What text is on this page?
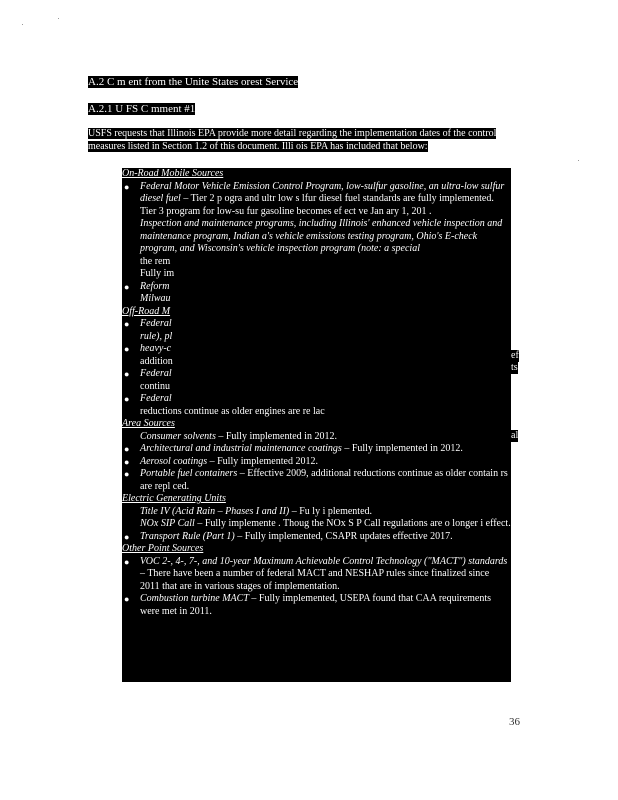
A.2 C m ent from the Unite States orest Service
A.2.1 U FS C mment #1
USFS requests that Illinois EPA provide more detail regarding the implementation dates of the control measures listed in Section 1.2 of this document. Illi ois EPA has included that below:
On-Road Mobile Sources
● Federal Motor Vehicle Emission Control Program, low-sulfur gasoline, an ultra-low sulfur diesel fuel – Tier 2 p ogra and ultr low s lfur diesel fuel standards are fully implemented. Tier 3 program for low-su fur gasoline becomes ef ect ve Jan ary 1, 201 .
Inspection and maintenance programs, including Illinois' enhanced vehicle inspection and maintenance program, Indian a's vehicle emissions testing program, Ohio's E-check program, and Wisconsin's vehicle inspection program (note: a special
the rem
Fully im
● Reform
Milwau
Off-Road M
● Federal
rule), pl
● heavy-c
addition
● Federal
continu
● Federal
reductions continue as older engines are re lac
Area Sources
Consumer solvents – Fully implemented in 2012.
● Architectural and industrial maintenance coatings – Fully implemented in 2012.
● Aerosol coatings – Fully implemented 2012.
● Portable fuel containers – Effective 2009, additional reductions continue as older contain rs are repl ced.
Electric Generating Units
Title IV (Acid Rain – Phases I and II) – Fu ly i plemented.
NOx SIP Call – Fully implemente . Thoug the NOx S P Call regulations are o longer i effect.
● Transport Rule (Part 1) – Fully implemented, CSAPR updates effective 2017.
Other Point Sources
● VOC 2-, 4-, 7-, and 10-year Maximum Achievable Control Technology ("MACT") standards – There have been a number of federal MACT and NESHAP rules since finalized since 2011 that are in various stages of implementation.
● Combustion turbine MACT – Fully implemented, USEPA found that CAA requirements were met in 2011.
ef
ts
al
36
